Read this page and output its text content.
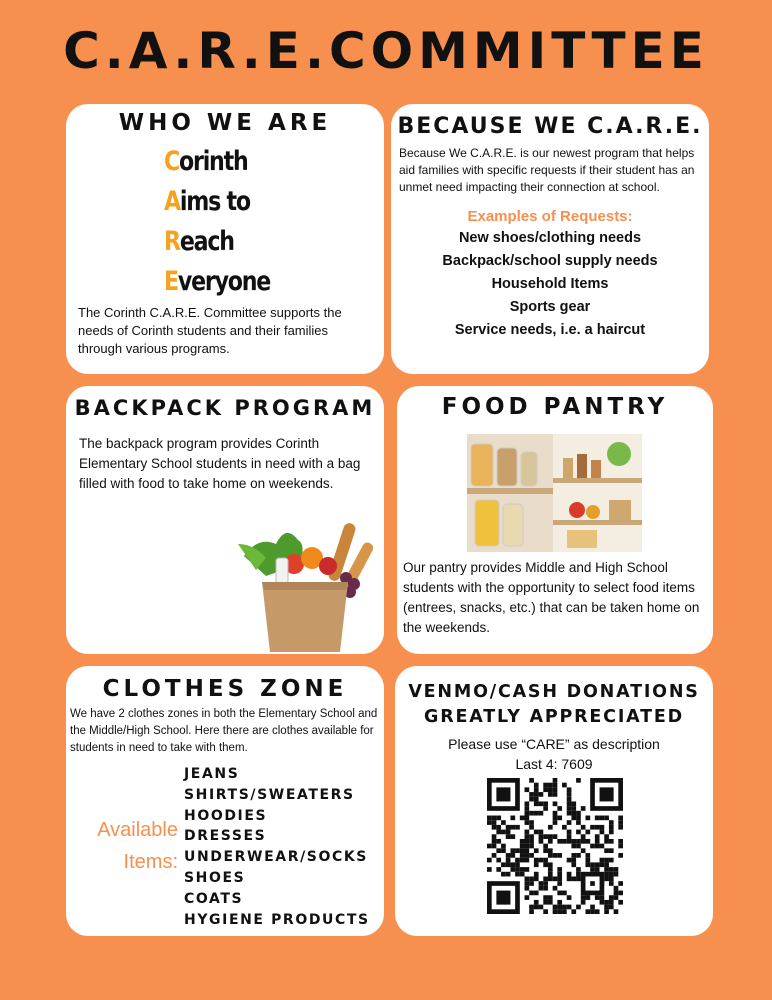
C.A.R.E.COMMITTEE
WHO WE ARE
Corinth
Aims to
Reach
Everyone
The Corinth C.A.R.E. Committee supports the needs of Corinth students and their families through various programs.
BECAUSE WE C.A.R.E.
Because We C.A.R.E. is our newest program that helps aid families with specific requests if their student has an unmet need impacting their connection at school.
Examples of Requests:
New shoes/clothing needs
Backpack/school supply needs
Household Items
Sports gear
Service needs, i.e. a haircut
BACKPACK PROGRAM
The backpack program provides Corinth Elementary School students in need with a bag filled with food to take home on weekends.
FOOD PANTRY
Our pantry provides Middle and High School students with the opportunity to select food items (entrees, snacks, etc.) that can be taken home on the weekends.
CLOTHES ZONE
We have 2 clothes zones in both the Elementary School and the Middle/High School. Here there are clothes available for students in need to take with them.
Available
Items:
JEANS
SHIRTS/SWEATERS
HOODIES
DRESSES
UNDERWEAR/SOCKS
SHOES
COATS
HYGIENE PRODUCTS
VENMO/CASH DONATIONS
GREATLY APPRECIATED
Please use “CARE” as description
Last 4: 7609
